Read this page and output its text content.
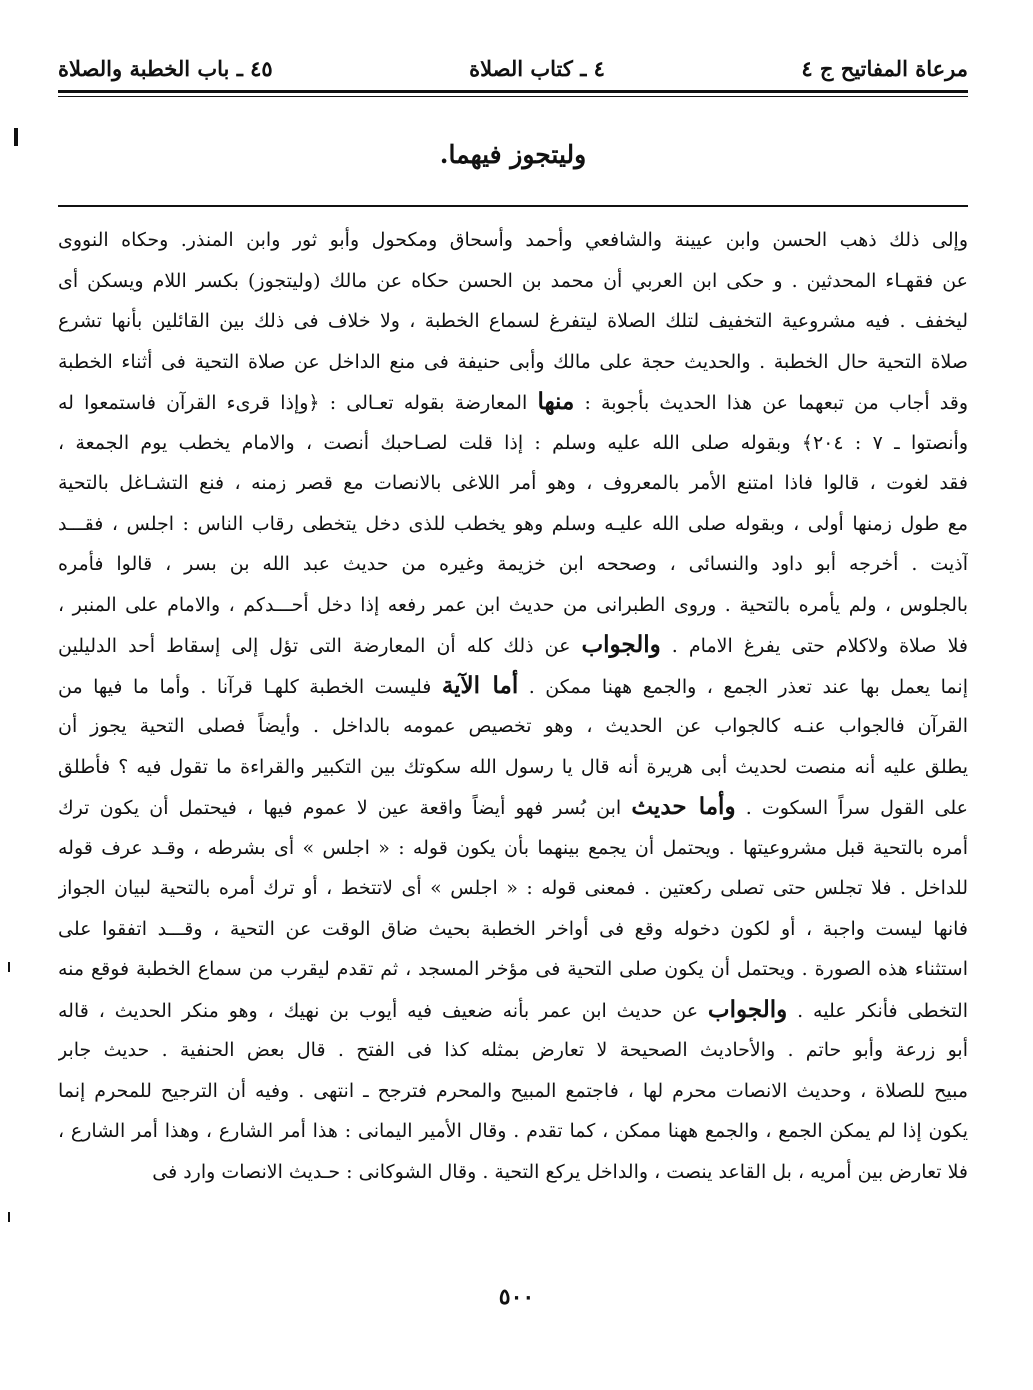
مرعاة المفاتيح ج ٤
٤ ـ كتاب الصلاة
٤٥ ـ باب الخطبة والصلاة
وليتجوز فيهما.
وإلى ذلك ذهب الحسن وابن عيينة والشافعي وأحمد وأسحاق ومكحول وأبو ثور وابن المنذر. وحكاه النووى
عن فقهـاء المحدثين . و حكى ابن العربي أن محمد بن الحسن حكاه عن مالك (وليتجوز) بكسر اللام ويسكن أى
ليخفف . فيه مشروعية التخفيف لتلك الصلاة ليتفرغ لسماع الخطبة ، ولا خلاف فى ذلك بين القائلين بأنها تشرع
صلاة التحية حال الخطبة . والحديث حجة على مالك وأبى حنيفة فى منع الداخل عن صلاة التحية فى أثناء الخطبة
وقد أجاب من تبعهما عن هذا الحديث بأجوبة : منها المعارضة بقوله تعـالى : ﴿وإذا قرىء القرآن فاستمعوا له
وأنصتوا ـ ٧ : ٢٠٤﴾ وبقوله صلى الله عليه وسلم : إذا قلت لصـاحبك أنصت ، والامام يخطب يوم الجمعة ،
فقد لغوت ، قالوا فاذا امتنع الأمر بالمعروف ، وهو أمر اللاغى بالانصات مع قصر زمنه ، فنع التشـاغل بالتحية
مع طول زمنها أولى ، وبقوله صلى الله عليـه وسلم وهو يخطب للذى دخل يتخطى رقاب الناس : اجلس ، فقـــد
آذيت . أخرجه أبو داود والنسائى ، وصححه ابن خزيمة وغيره من حديث عبد الله بن بسر ، قالوا فأمره
بالجلوس ، ولم يأمره بالتحية . وروى الطبرانى من حديث ابن عمر رفعه إذا دخل أحـــدكم ، والامام على المنبر ،
فلا صلاة ولاكلام حتى يفرغ الامام . والجواب عن ذلك كله أن المعارضة التى تؤل إلى إسقاط أحد الدليلين
إنما يعمل بها عند تعذر الجمع ، والجمع ههنا ممكن . أما الآية فليست الخطبة كلهـا قرآنا . وأما ما فيها من
القرآن فالجواب عنـه كالجواب عن الحديث ، وهو تخصيص عمومه بالداخل . وأيضاً فصلى التحية يجوز أن
يطلق عليه أنه منصت لحديث أبى هريرة أنه قال يا رسول الله سكوتك بين التكبير والقراءة ما تقول فيه ؟ فأطلق
على القول سراً السكوت . وأما حديث ابن بُسر فهو أيضاً واقعة عين لا عموم فيها ، فيحتمل أن يكون ترك
أمره بالتحية قبل مشروعيتها . ويحتمل أن يجمع بينهما بأن يكون قوله : « اجلس » أى بشرطه ، وقـد عرف قوله
للداخل . فلا تجلس حتى تصلى ركعتين . فمعنى قوله : « اجلس » أى لاتتخط ، أو ترك أمره بالتحية لبيان الجواز
فانها ليست واجبة ، أو لكون دخوله وقع فى أواخر الخطبة بحيث ضاق الوقت عن التحية ، وقـــد اتفقوا على
استثناء هذه الصورة . ويحتمل أن يكون صلى التحية فى مؤخر المسجد ، ثم تقدم ليقرب من سماع الخطبة فوقع منه
التخطى فأنكر عليه . والجواب عن حديث ابن عمر بأنه ضعيف فيه أيوب بن نهيك ، وهو منكر الحديث ، قاله
أبو زرعة وأبو حاتم . والأحاديث الصحيحة لا تعارض بمثله كذا فى الفتح . قال بعض الحنفية . حديث جابر
مبيح للصلاة ، وحديث الانصات محرم لها ، فاجتمع المبيح والمحرم فترجح ـ انتهى . وفيه أن الترجيح للمحرم إنما
يكون إذا لم يمكن الجمع ، والجمع ههنا ممكن ، كما تقدم . وقال الأمير اليمانى : هذا أمر الشارع ، وهذا أمر الشارع ،
فلا تعارض بين أمريه ، بل القاعد ينصت ، والداخل يركع التحية . وقال الشوكانى : حـديث الانصات وارد فى
٥٠٠
